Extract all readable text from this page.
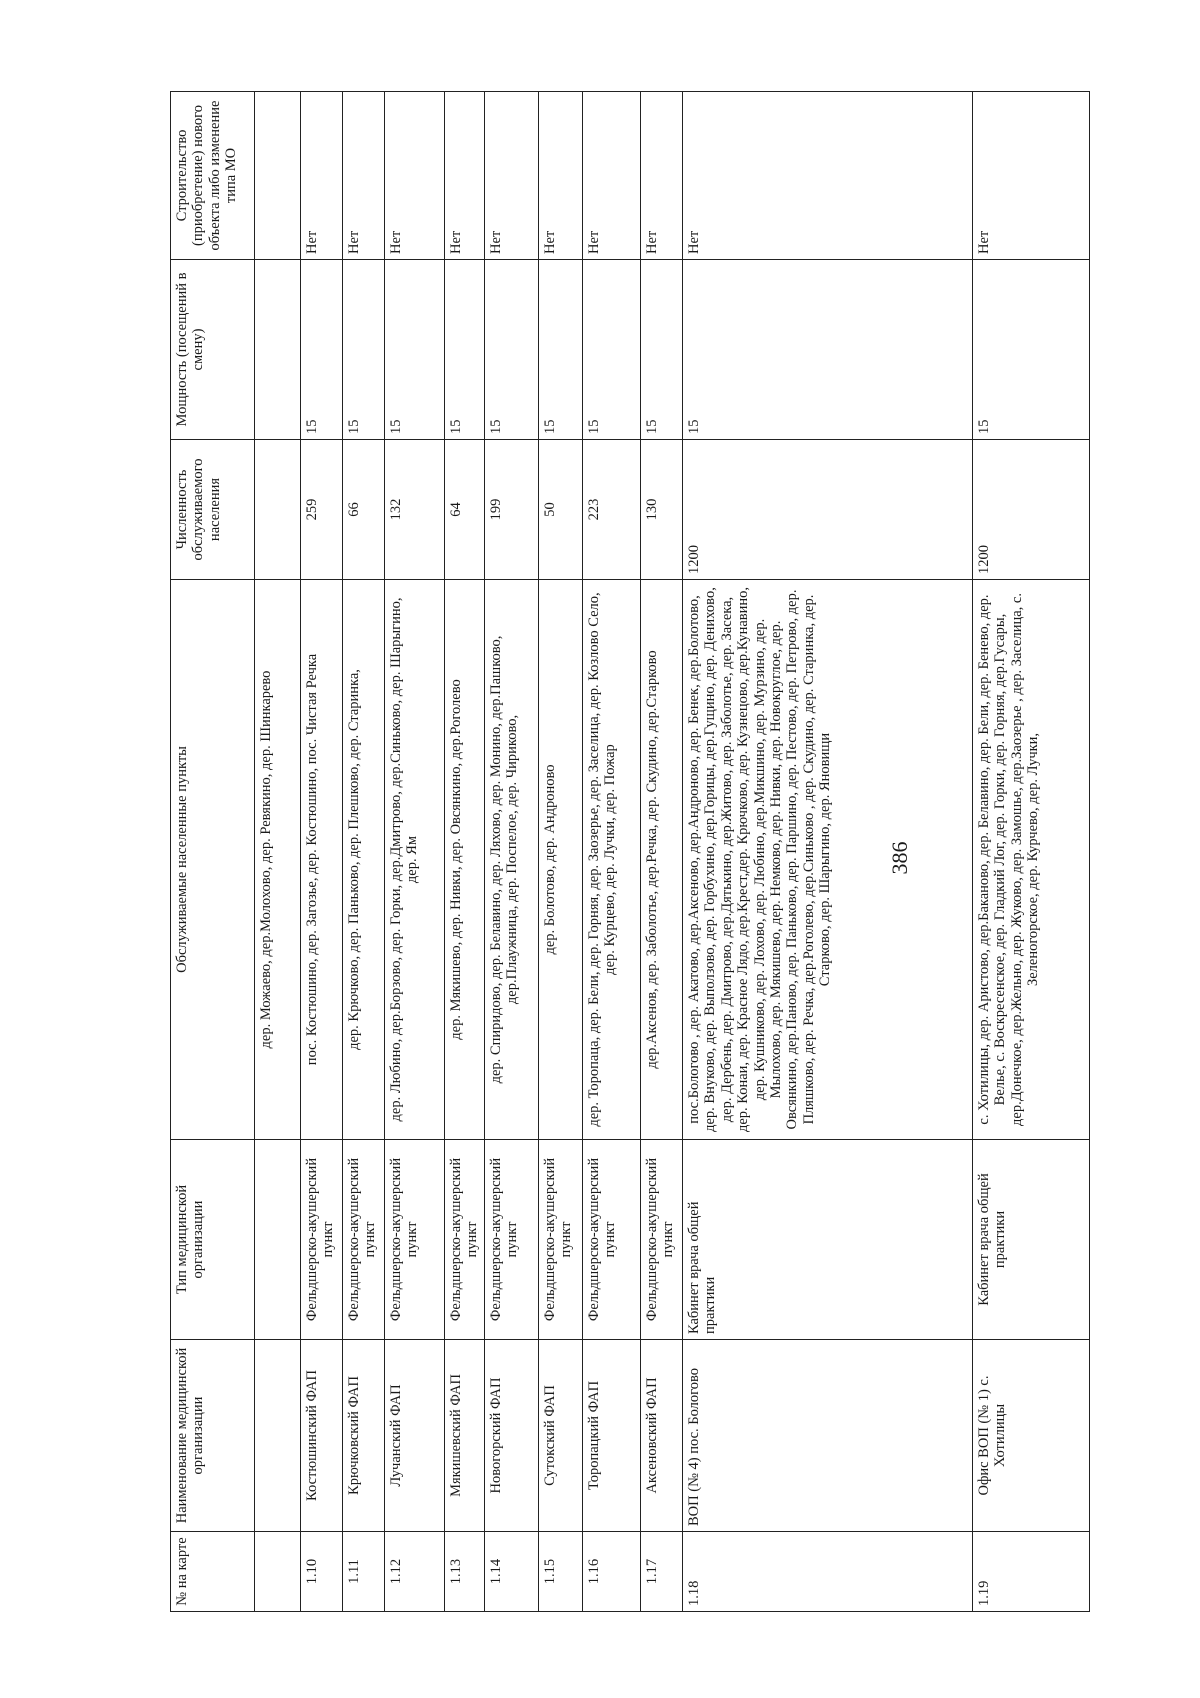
386
№ на карте	Наименование медицинской организации	Тип медицинской организации	Обслуживаемые населенные пункты	Численность обслуживаемого населения	Мощность (посещений в смену)	Строительство (приобретение) нового объекта либо изменение типа МО
			дер. Можаево, дер.Молохово, дер. Ревякино, дер. Шинкарево			
1.10	Костюшинский ФАП	Фельдшерско-акушерский пункт	пос. Костюшино, дер. Загозье, дер. Костюшино, пос. Чистая Речка	259	15	Нет
1.11	Крючковский ФАП	Фельдшерско-акушерский пункт	дер. Крючково, дер. Паньково, дер. Плешково, дер. Старинка,	66	15	Нет
1.12	Лучанский ФАП	Фельдшерско-акушерский пункт	дер. Любино, дер.Борзово, дер. Горки, дер.Дмитрово, дер.Синьково, дер. Шарыгино, дер. Ям	132	15	Нет
1.13	Мякишевский ФАП	Фельдшерско-акушерский пункт	дер. Мякишево, дер. Нивки, дер. Овсянкино, дер.Роголево	64	15	Нет
1.14	Новогорский ФАП	Фельдшерско-акушерский пункт	дер. Спиридово, дер. Белавино, дер. Ляхово, дер. Монино, дер.Пашково, дер.Плаужница, дер. Поспелое, дер. Чириково,	199	15	Нет
1.15	Сутокский ФАП	Фельдшерско-акушерский пункт	дер. Болотово, дер. Андроново	50	15	Нет
1.16	Торопацкий ФАП	Фельдшерско-акушерский пункт	дер. Торопаца, дер. Бели, дер. Горняя, дер. Заозерье, дер. Заселица, дер. Козлово Село, дер. Курцево, дер. Лучки, дер. Пожар	223	15	Нет
1.17	Аксеновский ФАП	Фельдшерско-акушерский пункт	дер.Аксенов, дер. Заболотье, дер.Речка, дер. Скудино, дер.Старково	130	15	Нет
1.18	ВОП (№ 4) пос. Бологово	Кабинет врача общей практики	пос.Бологово , дер. Акатово, дер.Аксеново, дер.Андроново, дер. Бенек, дер.Болотово, дер. Внуково, дер. Выползово, дер. Горбухино, дер.Горицы, дер.Гущино, дер. Дениховo, дер. Дербень, дер. Дмитрово, дер.Дятькино, дер.Житово, дер. Заболотье, дер. Засека, дер. Конаи, дер. Красное Лядо, дер.Крест,дер. Крючково, дер. Кузнецово, дер.Кунавино, дер. Кушниково, дер. Лохово, дер. Любино, дер.Микшино, дер. Мурзино, дер. Мылохово, дер. Мякишево, дер. Немково, дер. Нивки, дер. Новокруглое, дер. Овсянкино, дер.Паново, дер. Паньково, дер. Паршино, дер. Пестово, дер. Петрово, дер. Пляшково, дер. Речка, дер.Роголево, дер.Синьково , дер. Скудино, дер. Старинка, дер. Старково, дер. Шарыгино, дер. Яновищи	1200	15	Нет
1.19	Офис ВОП (№ 1) с. Хотилицы	Кабинет врача общей практики	с. Хотилицы, дер. Аристово, дер.Баканово, дер. Белавино, дер. Бели, дер. Бенево, дер. Велье, с. Воскресенское, дер. Гладкий Лог, дер. Горки, дер. Горняя, дер.Гусары, дер.Донечкое, дер.Жельно, дер. Жуково, дер. Замошье, дер.Заозерье , дер. Заселица, с. Зеленогорское, дер. Курчево, дер. Лучки,	1200	15	Нет
